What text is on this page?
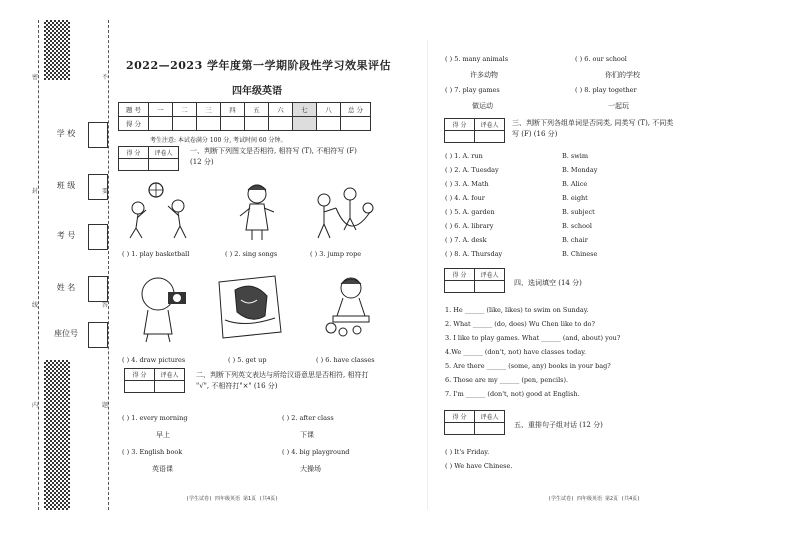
密
封
线
内
不
要
答
题
学 校
班 级
考 号
姓 名
座位号
2022—2023 学年度第一学期阶段性学习效果评估
四年级英语
题 号	一	二	三	四	五	六	七	八	总 分
得 分									
考生注意: 本试卷满分 100 分, 考试时间 60 分钟。
得 分	评卷人
		一、判断下列图文是否相符, 相符写 (T), 不相符写 (F)
(12 分)
( ) 1. play basketball	( ) 2. sing songs	( ) 3. jump rope
( ) 4. draw pictures	( ) 5. get up	( ) 6. have classes
得 分	评卷人
		二、判断下列英文表达与所给汉语意思是否相符, 相符打
"√", 不相符打"×" (16 分)
( ) 1. every morning	( ) 2. after class
早上	下课
( ) 3. English book	( ) 4. big playground
英语课	大操场
(学生试卷) 四年级英语 第1页 (共4页)
( ) 5. many animals	( ) 6. our school
许多动物	你们的学校
( ) 7. play games	( ) 8. play together
做运动	一起玩
得 分	评卷人
	三、判断下列各组单词是否同类, 同类写 (T), 不同类
写 (F) (16 分)
( ) 1. A. run	B. swim
( ) 2. A. Tuesday	B. Monday
( ) 3. A. Math	B. Alice
( ) 4. A. four	B. eight
( ) 5. A. garden	B. subject
( ) 6. A. library	B. school
( ) 7. A. desk	B. chair
( ) 8. A. Thursday	B. Chinese
得 分	评卷人

四、选词填空 (14 分)
1. He ______ (like, likes) to swim on Sunday.
2. What ______ (do, does) Wu Chen like to do?
3. I like to play games. What ______ (and, about) you?
4.We ______ (don't, not) have classes today.
5. Are there ______ (some, any) books in your bag?
6. Those are my ______ (pen, pencils).
7. I'm ______ (don't, not) good at English.
得 分	评卷人

五、重排句子组对话 (12 分)
( ) It's Friday.
( ) We have Chinese.
(学生试卷) 四年级英语 第2页 (共4页)
